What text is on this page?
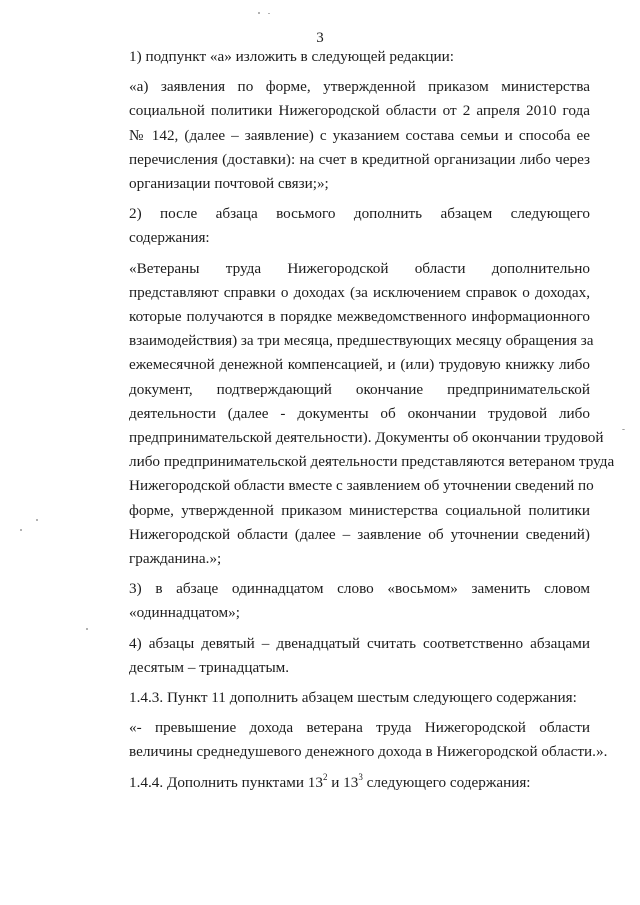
3

1) подпункт «а» изложить в следующей редакции:

«а) заявления по форме, утвержденной приказом министерства
социальной политики Нижегородской области от 2 апреля 2010 года
№ 142, (далее – заявление) с указанием состава семьи и способа ее
перечисления (доставки): на счет в кредитной организации либо через
организации почтовой связи;»;

2) после абзаца восьмого дополнить абзацем следующего
содержания:

«Ветераны труда Нижегородской области дополнительно
представляют справки о доходах (за исключением справок о доходах,
которые получаются в порядке межведомственного информационного
взаимодействия) за три месяца, предшествующих месяцу обращения за
ежемесячной денежной компенсацией, и (или) трудовую книжку либо
документ, подтверждающий окончание предпринимательской
деятельности (далее - документы об окончании трудовой либо
предпринимательской деятельности). Документы об окончании трудовой
либо предпринимательской деятельности представляются ветераном труда
Нижегородской области вместе с заявлением об уточнении сведений по
форме, утвержденной приказом министерства социальной политики
Нижегородской области (далее – заявление об уточнении сведений)
гражданина.»;

3) в абзаце одиннадцатом слово «восьмом» заменить словом
«одиннадцатом»;

4) абзацы девятый – двенадцатый считать соответственно абзацами
десятым – тринадцатым.

1.4.3. Пункт 11 дополнить абзацем шестым следующего содержания:

«- превышение дохода ветерана труда Нижегородской области
величины среднедушевого денежного дохода в Нижегородской области.».

1.4.4. Дополнить пунктами $13^2$ и $13^3$ следующего содержания:
